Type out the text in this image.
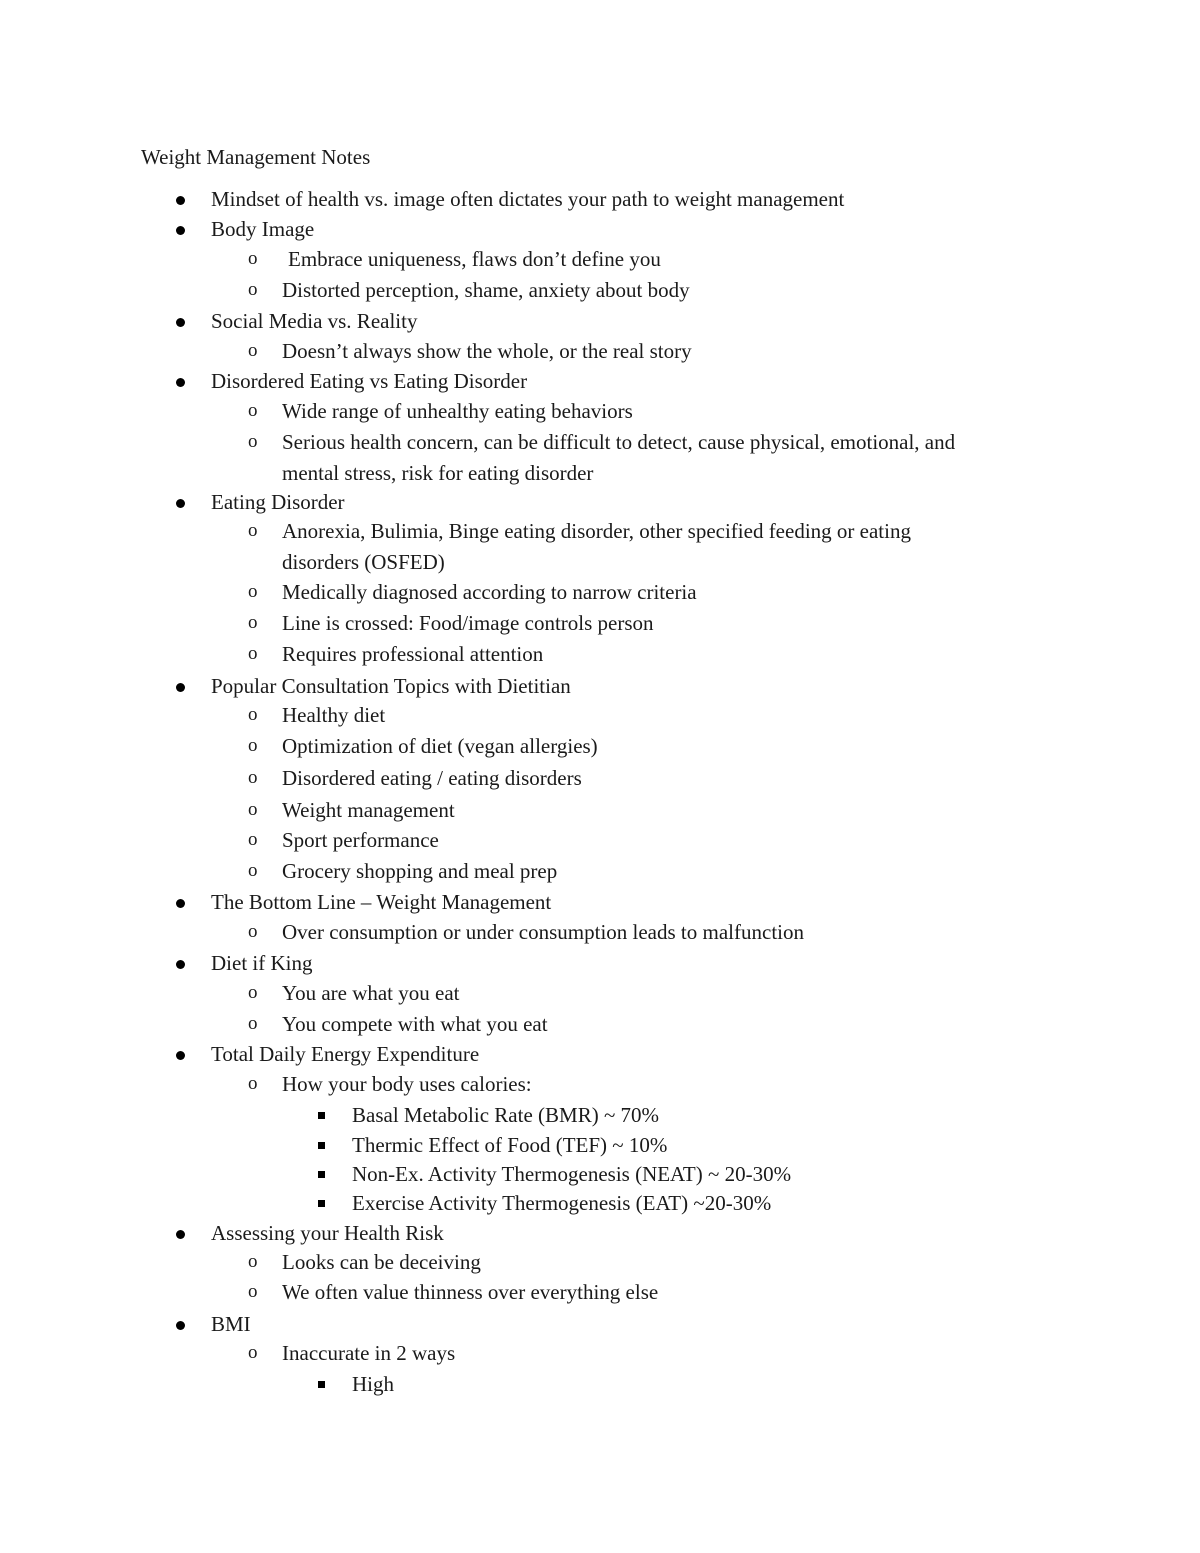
Weight Management Notes
Mindset of health vs. image often dictates your path to weight management
Body Image
o Embrace uniqueness, flaws don’t define you
o Distorted perception, shame, anxiety about body
Social Media vs. Reality
o Doesn’t always show the whole, or the real story
Disordered Eating vs Eating Disorder
o Wide range of unhealthy eating behaviors
o Serious health concern, can be difficult to detect, cause physical, emotional, and
mental stress, risk for eating disorder
Eating Disorder
o Anorexia, Bulimia, Binge eating disorder, other specified feeding or eating
disorders (OSFED)
o Medically diagnosed according to narrow criteria
o Line is crossed: Food/image controls person
o Requires professional attention
Popular Consultation Topics with Dietitian
o Healthy diet
o Optimization of diet (vegan allergies)
o Disordered eating / eating disorders
o Weight management
o Sport performance
o Grocery shopping and meal prep
The Bottom Line – Weight Management
o Over consumption or under consumption leads to malfunction
Diet if King
o You are what you eat
o You compete with what you eat
Total Daily Energy Expenditure
o How your body uses calories:
Basal Metabolic Rate (BMR) ~ 70%
Thermic Effect of Food (TEF) ~ 10%
Non-Ex. Activity Thermogenesis (NEAT) ~ 20-30%
Exercise Activity Thermogenesis (EAT) ~20-30%
Assessing your Health Risk
o Looks can be deceiving
o We often value thinness over everything else
BMI
o Inaccurate in 2 ways
High
